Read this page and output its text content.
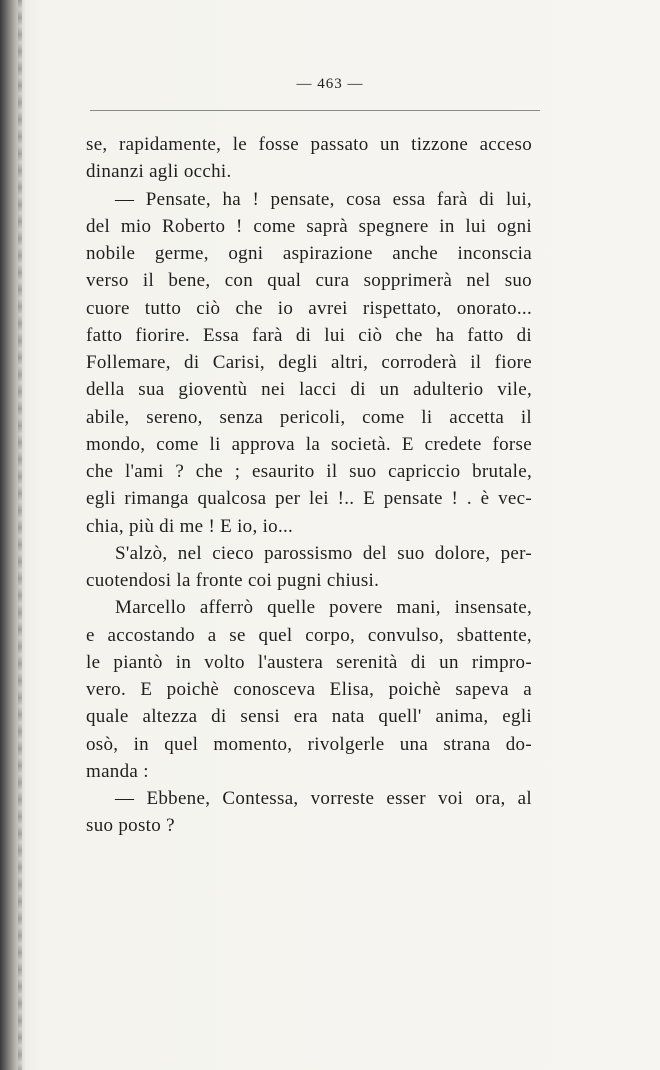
— 463 —
se, rapidamente, le fosse passato un tizzone acceso
dinanzi agli occhi.
— Pensate, ha ! pensate, cosa essa farà di lui,
del mio Roberto ! come saprà spegnere in lui ogni
nobile germe, ogni aspirazione anche inconscia
verso il bene, con qual cura sopprimerà nel suo
cuore tutto ciò che io avrei rispettato, onorato...
fatto fiorire. Essa farà di lui ciò che ha fatto di
Follemare, di Carisi, degli altri, corroderà il fiore
della sua gioventù nei lacci di un adulterio vile,
abile, sereno, senza pericoli, come li accetta il
mondo, come li approva la società. E credete forse
che l'ami ? che ; esaurito il suo capriccio brutale,
egli rimanga qualcosa per lei !.. E pensate ! . è vec-
chia, più di me ! E io, io...
S'alzò, nel cieco parossismo del suo dolore, per-
cuotendosi la fronte coi pugni chiusi.
Marcello afferrò quelle povere mani, insensate,
e accostando a se quel corpo, convulso, sbattente,
le piantò in volto l'austera serenità di un rimpro-
vero. E poichè conosceva Elisa, poichè sapeva a
quale altezza di sensi era nata quell' anima, egli
osò, in quel momento, rivolgerle una strana do-
manda :
— Ebbene, Contessa, vorreste esser voi ora, al
suo posto ?
